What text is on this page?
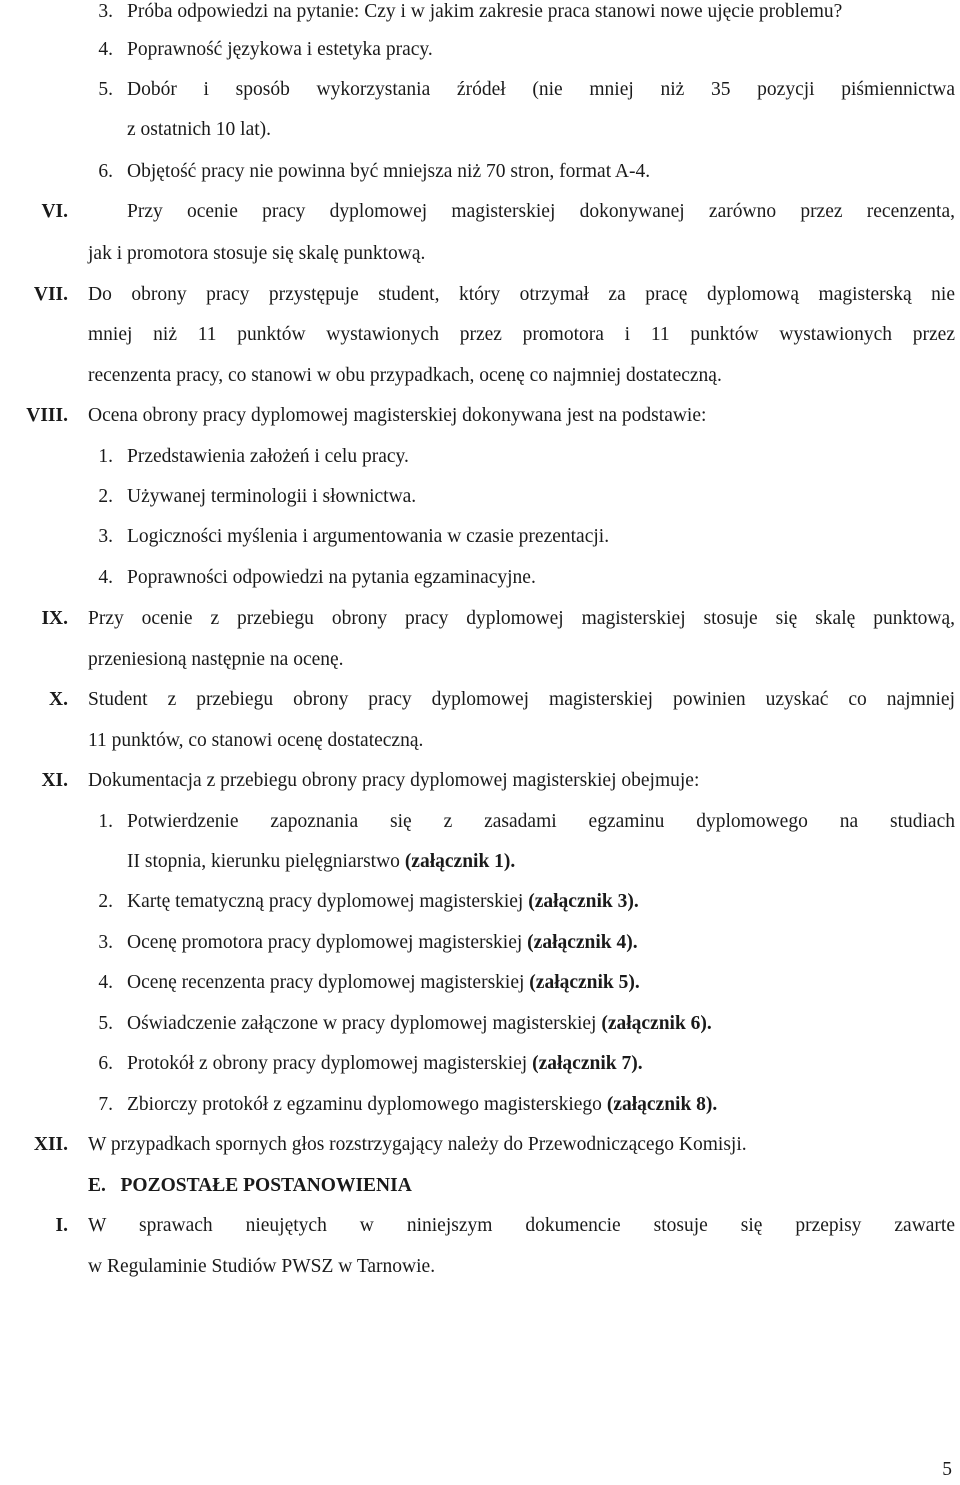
3. Próba odpowiedzi na pytanie: Czy i w jakim zakresie praca stanowi nowe ujęcie problemu?
4. Poprawność językowa i estetyka pracy.
5. Dobór i sposób wykorzystania źródeł (nie mniej niż 35 pozycji piśmiennictwa
z ostatnich 10 lat).
6. Objętość pracy nie powinna być mniejsza niż 70 stron, format A-4.
VI.	Przy ocenie pracy dyplomowej magisterskiej dokonywanej zarówno przez recenzenta,
jak i promotora stosuje się skalę punktową.
VII. Do obrony pracy przystępuje student, który otrzymał za pracę dyplomową magisterską nie
mniej niż 11 punktów wystawionych przez promotora i 11 punktów wystawionych przez
recenzenta pracy, co stanowi w obu przypadkach, ocenę co najmniej dostateczną.
VIII. Ocena obrony pracy dyplomowej magisterskiej dokonywana jest na podstawie:
1. Przedstawienia założeń i celu pracy.
2. Używanej terminologii i słownictwa.
3. Logiczności myślenia i argumentowania w czasie prezentacji.
4. Poprawności odpowiedzi na pytania egzaminacyjne.
IX. Przy ocenie z przebiegu obrony pracy dyplomowej magisterskiej stosuje się skalę punktową,
przeniesioną następnie na ocenę.
X. Student z przebiegu obrony pracy dyplomowej magisterskiej powinien uzyskać co najmniej
11 punktów, co stanowi ocenę dostateczną.
XI. Dokumentacja z przebiegu obrony pracy dyplomowej magisterskiej obejmuje:
1. Potwierdzenie zapoznania się z zasadami egzaminu dyplomowego na studiach
II stopnia, kierunku pielęgniarstwo (załącznik 1).
2. Kartę tematyczną pracy dyplomowej magisterskiej (załącznik 3).
3. Ocenę promotora pracy dyplomowej magisterskiej (załącznik 4).
4. Ocenę recenzenta pracy dyplomowej magisterskiej (załącznik 5).
5. Oświadczenie załączone w pracy dyplomowej magisterskiej (załącznik 6).
6. Protokół z obrony pracy dyplomowej magisterskiej (załącznik 7).
7. Zbiorczy protokół z egzaminu dyplomowego magisterskiego (załącznik 8).
XII. W przypadkach spornych głos rozstrzygający należy do Przewodniczącego Komisji.
E.   POZOSTAŁE POSTANOWIENIA
I. W sprawach nieujętych w niniejszym dokumencie stosuje się przepisy zawarte
w Regulaminie Studiów PWSZ w Tarnowie.
5
